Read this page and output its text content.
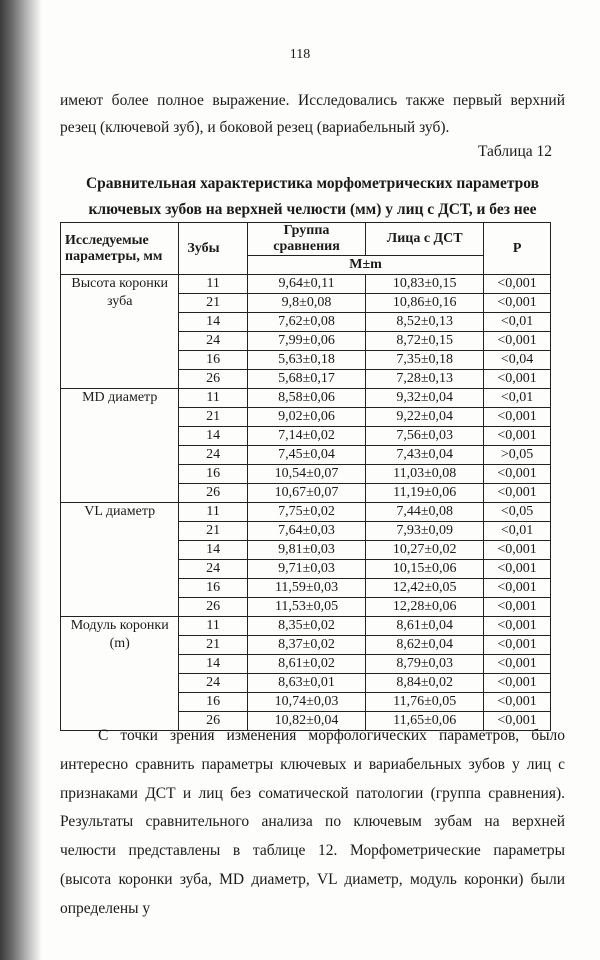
118

имеют более полное выражение. Исследовались также первый верхний резец (ключевой зуб), и боковой резец (вариабельный зуб).

Таблица 12
Сравнительная характеристика морфометрических параметров ключевых зубов на верхней челюсти (мм) у лиц с ДСТ, и без нее
Исследуемые параметры, мм	Зубы	Группа сравнения	Лица с ДСТ	Р
		M±m		
Высота коронки зуба	11	9,64±0,11	10,83±0,15	<0,001
	21	9,8±0,08	10,86±0,16	<0,001
	14	7,62±0,08	8,52±0,13	<0,01
	24	7,99±0,06	8,72±0,15	<0,001
	16	5,63±0,18	7,35±0,18	<0,04
	26	5,68±0,17	7,28±0,13	<0,001
MD диаметр	11	8,58±0,06	9,32±0,04	<0,01
	21	9,02±0,06	9,22±0,04	<0,001
	14	7,14±0,02	7,56±0,03	<0,001
	24	7,45±0,04	7,43±0,04	>0,05
	16	10,54±0,07	11,03±0,08	<0,001
	26	10,67±0,07	11,19±0,06	<0,001
VL диаметр	11	7,75±0,02	7,44±0,08	<0,05
	21	7,64±0,03	7,93±0,09	<0,01
	14	9,81±0,03	10,27±0,02	<0,001
	24	9,71±0,03	10,15±0,06	<0,001
	16	11,59±0,03	12,42±0,05	<0,001
	26	11,53±0,05	12,28±0,06	<0,001
Модуль коронки (m)	11	8,35±0,02	8,61±0,04	<0,001
	21	8,37±0,02	8,62±0,04	<0,001
	14	8,61±0,02	8,79±0,03	<0,001
	24	8,63±0,01	8,84±0,02	<0,001
	16	10,74±0,03	11,76±0,05	<0,001
	26	10,82±0,04	11,65±0,06	<0,001

С точки зрения изменения морфологических параметров, было интересно сравнить параметры ключевых и вариабельных зубов у лиц с признаками ДСТ и лиц без соматической патологии (группа сравнения). Результаты сравнительного анализа по ключевым зубам на верхней челюсти представлены в таблице 12. Морфометрические параметры (высота коронки зуба, MD диаметр, VL диаметр, модуль коронки) были определены у
